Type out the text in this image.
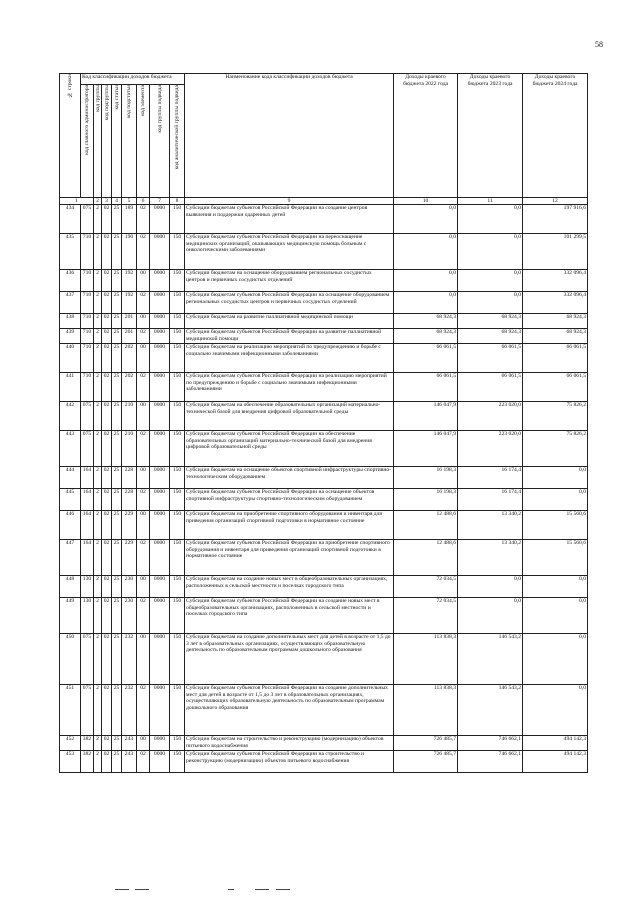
58
№ строки	Код классификации доходов бюджета								Наименование кода классификации доходов бюджета	Доходы краевого бюджета 2022 года	Доходы краевого бюджета 2023 года	Доходы краевого бюджета 2024 года
	код главного администратора	код группы	код подгруппы	код статьи	код подстатьи	код элемента	код группы подвида	код аналитической группы подвида				
1		2	3	4	5	6	7	8	9	10	11	12
434	075	2	02	25	189	02	0000	150	Субсидии бюджетам субъектов Российской Федерации на создание центров выявления и поддержки одаренных детей	0,0	0,0	197 916,6
435	710	2	02	25	190	02	0000	150	Субсидии бюджетам субъектов Российской Федерации на переоснащение медицинских организаций, оказывающих медицинскую помощь больным с онкологическими заболеваниями	0,0	0,0	101 299,5
436	710	2	02	25	192	00	0000	150	Субсидии бюджетам на оснащение оборудованием региональных сосудистых центров и первичных сосудистых отделений	0,0	0,0	332 096,4
437	710	2	02	25	192	02	0000	150	Субсидии бюджетам субъектов Российской Федерации на оснащение оборудованием региональных сосудистых центров и первичных сосудистых отделений	0,0	0,0	332 096,4
438	710	2	02	25	201	00	0000	150	Субсидии бюджетам на развитие паллиативной медицинской помощи	68 924,3	68 924,3	68 924,3
439	710	2	02	25	201	02	0000	150	Субсидии бюджетам субъектов Российской Федерации на развитие паллиативной медицинской помощи	68 924,3	68 924,3	68 924,3
440	710	2	02	25	202	00	0000	150	Субсидии бюджетам на реализацию мероприятий по предупреждению и борьбе с социально значимыми инфекционными заболеваниями	66 061,5	66 061,5	66 061,5
441	710	2	02	25	202	02	0000	150	Субсидии бюджетам субъектов Российской Федерации на реализацию мероприятий по предупреждению и борьбе с социально значимыми инфекционными заболеваниями	66 061,5	66 061,5	66 061,5
442	075	2	02	25	210	00	0000	150	Субсидии бюджетам на обеспечение образовательных организаций материально-технической базой для внедрения цифровой образовательной среды	146 047,9	223 020,0	75 826,2
443	075	2	02	25	210	02	0000	150	Субсидии бюджетам субъектов Российской Федерации на обеспечение образовательных организаций материально-технической базой для внедрения цифровой образовательной среды	146 047,9	223 020,0	75 826,2
444	164	2	02	25	228	00	0000	150	Субсидии бюджетам на оснащение объектов спортивной инфраструктуры спортивно-технологическим оборудованием	16 198,3	16 174,4	0,0
445	164	2	02	25	228	02	0000	150	Субсидии бюджетам субъектов Российской Федерации на оснащение объектов спортивной инфраструктуры спортивно-технологическим оборудованием	16 198,3	16 174,4	0,0
446	164	2	02	25	229	00	0000	150	Субсидии бюджетам на приобретение спортивного оборудования и инвентаря для приведения организаций спортивной подготовки в нормативное состояние	12 488,6	13 340,2	15 560,6
447	164	2	02	25	229	02	0000	150	Субсидии бюджетам субъектов Российской Федерации на приобретение спортивного оборудования и инвентаря для приведения организаций спортивной подготовки в нормативное состояние	12 488,6	13 340,2	15 560,6
448	130	2	02	25	230	00	0000	150	Субсидии бюджетам на создание новых мест в общеобразовательных организациях, расположенных в сельской местности и поселках городского типа	72 034,5	0,0	0,0
449	130	2	02	25	230	02	0000	150	Субсидии бюджетам субъектов Российской Федерации на создание новых мест в общеобразовательных организациях, расположенных в сельской местности и поселках городского типа	72 034,5	0,0	0,0
450	075	2	02	25	232	00	0000	150	Субсидии бюджетам на создание дополнительных мест для детей в возрасте от 1,5 до 3 лет в образовательных организациях, осуществляющих образовательную деятельность по образовательным программам дошкольного образования	113 838,3	146 543,2	0,0
451	075	2	02	25	232	02	0000	150	Субсидии бюджетам субъектов Российской Федерации на создание дополнительных мест для детей в возрасте от 1,5 до 3 лет в образовательных организациях, осуществляющих образовательную деятельность по образовательным программам дошкольного образования	113 838,3	146 543,2	0,0
452	382	2	02	25	243	00	0000	150	Субсидии бюджетам на строительство и реконструкцию (модернизацию) объектов питьевого водоснабжения	726 485,7	746 662,1	494 142,3
453	382	2	02	25	243	02	0000	150	Субсидии бюджетам субъектов Российской Федерации на строительство и реконструкцию (модернизацию) объектов питьевого водоснабжения	726 485,7	746 662,1	494 142,3
